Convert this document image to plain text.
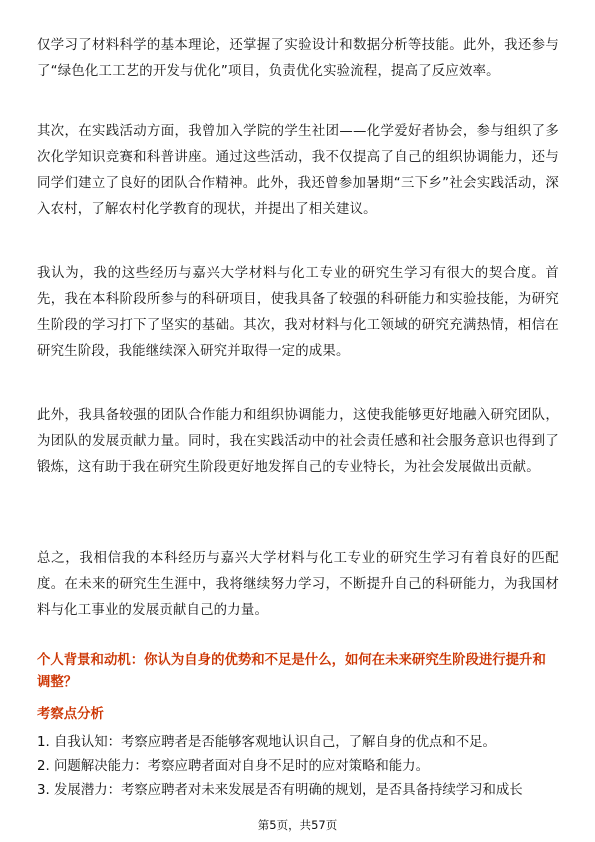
仅学习了材料科学的基本理论，还掌握了实验设计和数据分析等技能。此外，我还参与了“绿色化工工艺的开发与优化”项目，负责优化实验流程，提高了反应效率。

其次，在实践活动方面，我曾加入学院的学生社团——化学爱好者协会，参与组织了多次化学知识竞赛和科普讲座。通过这些活动，我不仅提高了自己的组织协调能力，还与同学们建立了良好的团队合作精神。此外，我还曾参加暑期“三下乡”社会实践活动，深入农村，了解农村化学教育的现状，并提出了相关建议。

我认为，我的这些经历与嘉兴大学材料与化工专业的研究生学习有很大的契合度。首先，我在本科阶段所参与的科研项目，使我具备了较强的科研能力和实验技能，为研究生阶段的学习打下了坚实的基础。其次，我对材料与化工领域的研究充满热情，相信在研究生阶段，我能继续深入研究并取得一定的成果。

此外，我具备较强的团队合作能力和组织协调能力，这使我能够更好地融入研究团队，为团队的发展贡献力量。同时，我在实践活动中的社会责任感和社会服务意识也得到了锻炼，这有助于我在研究生阶段更好地发挥自己的专业特长，为社会发展做出贡献。

总之，我相信我的本科经历与嘉兴大学材料与化工专业的研究生学习有着良好的匹配度。在未来的研究生生涯中，我将继续努力学习，不断提升自己的科研能力，为我国材料与化工事业的发展贡献自己的力量。

个人背景和动机：你认为自身的优势和不足是什么，如何在未来研究生阶段进行提升和调整？

考察点分析

1. 自我认知：考察应聘者是否能够客观地认识自己，了解自身的优点和不足。
2. 问题解决能力：考察应聘者面对自身不足时的应对策略和能力。
3. 发展潜力：考察应聘者对未来发展是否有明确的规划，是否具备持续学习和成长
第5页，共57页
